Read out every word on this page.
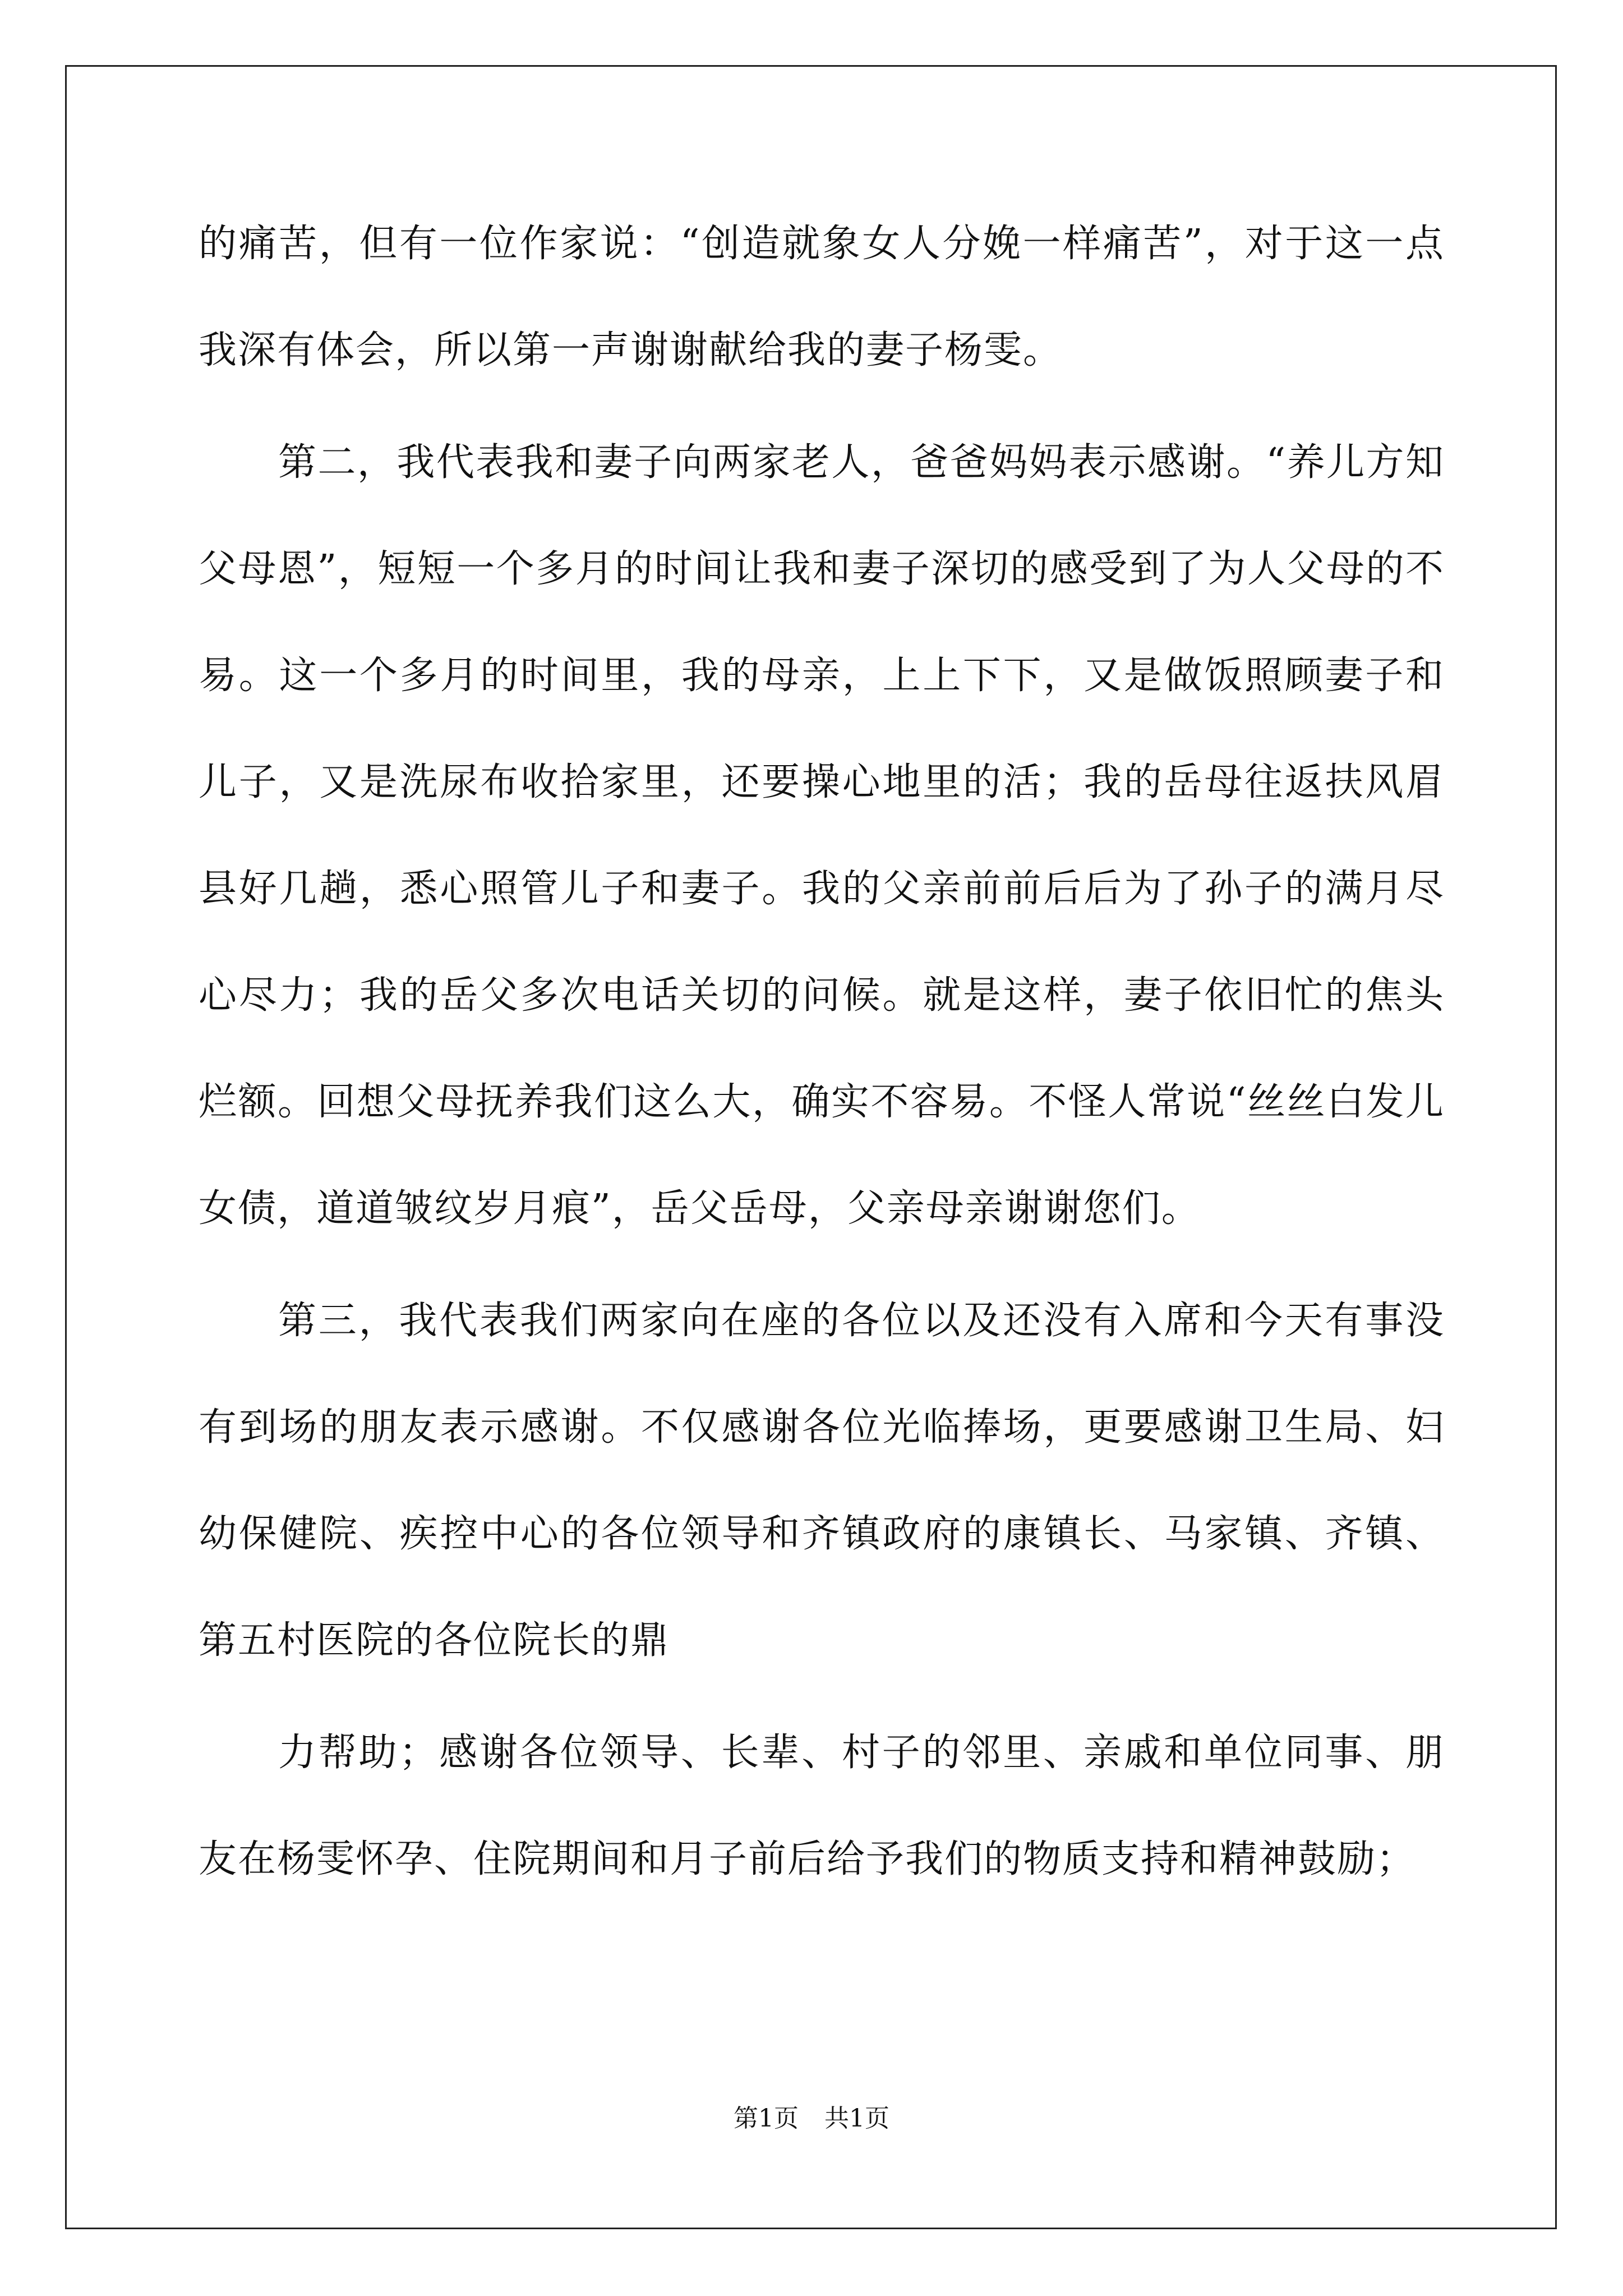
的痛苦，但有一位作家说：“创造就象女人分娩一样痛苦”，对于这一点我深有体会，所以第一声谢谢献给我的妻子杨雯。

第二，我代表我和妻子向两家老人，爸爸妈妈表示感谢。“养儿方知父母恩”，短短一个多月的时间让我和妻子深切的感受到了为人父母的不易。这一个多月的时间里，我的母亲，上上下下，又是做饭照顾妻子和儿子，又是洗尿布收拾家里，还要操心地里的活；我的岳母往返扶风眉县好几趟，悉心照管儿子和妻子。我的父亲前前后后为了孙子的满月尽心尽力；我的岳父多次电话关切的问候。就是这样，妻子依旧忙的焦头烂额。回想父母抚养我们这么大，确实不容易。不怪人常说“丝丝白发儿女债，道道皱纹岁月痕”，岳父岳母，父亲母亲谢谢您们。

第三，我代表我们两家向在座的各位以及还没有入席和今天有事没有到场的朋友表示感谢。不仅感谢各位光临捧场，更要感谢卫生局、妇幼保健院、疾控中心的各位领导和齐镇政府的康镇长、马家镇、齐镇、第五村医院的各位院长的鼎

力帮助；感谢各位领导、长辈、村子的邻里、亲戚和单位同事、朋友在杨雯怀孕、住院期间和月子前后给予我们的物质支持和精神鼓励；

第1页 共1页
